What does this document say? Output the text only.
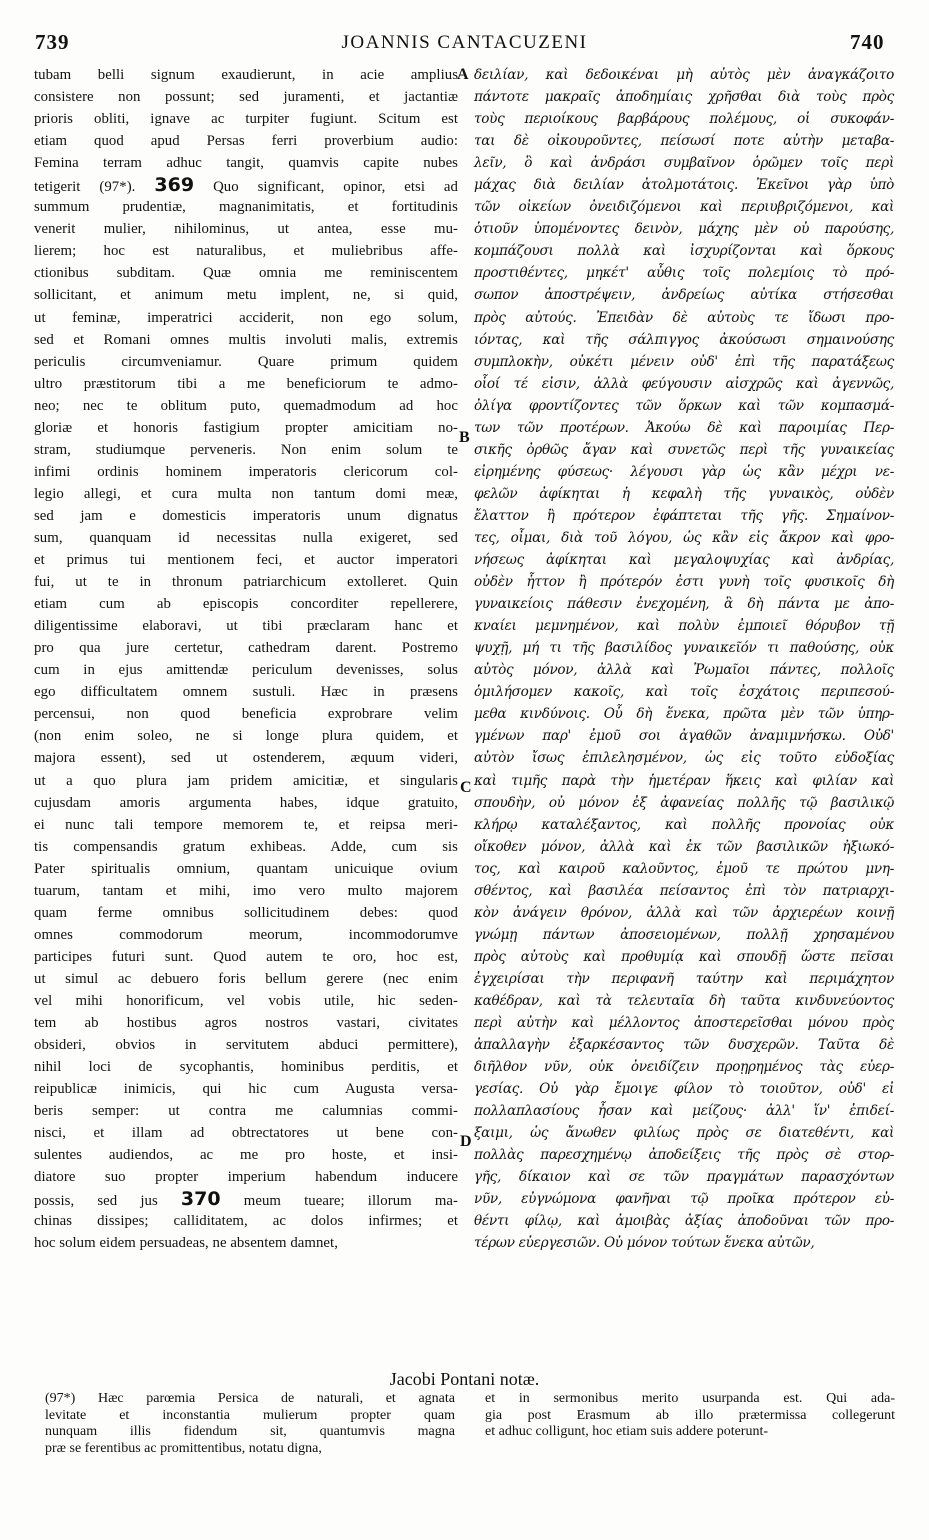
739	JOANNIS CANTACUZENI	740
tubam belli signum exaudierunt, in acie amplius
consistere non possunt; sed juramenti, et jactantiæ
prioris obliti, ignave ac turpiter fugiunt. Scitum est
etiam quod apud Persas ferri proverbium audio:
Femina terram adhuc tangit, quamvis capite nubes
tetigerit (97*). 369 Quo significant, opinor, etsi ad
summum prudentiæ, magnanimitatis, et fortitudinis
venerit mulier, nihilominus, ut antea, esse mu-
lierem; hoc est naturalibus, et muliebribus affe-
ctionibus subditam. Quæ omnia me reminiscentem
sollicitant, et animum metu implent, ne, si quid,
ut feminæ, imperatrici acciderit, non ego solum,
sed et Romani omnes multis involuti malis, extremis
periculis circumveniamur. Quare primum quidem
ultro præstitorum tibi a me beneficiorum te admo-
neo; nec te oblitum puto, quemadmodum ad hoc
gloriæ et honoris fastigium propter amicitiam no-
stram, studiumque perveneris. Non enim solum te
infimi ordinis hominem imperatoris clericorum col-
legio allegi, et cura multa non tantum domi meæ,
sed jam e domesticis imperatoris unum dignatus
sum, quanquam id necessitas nulla exigeret, sed
et primus tui mentionem feci, et auctor imperatori
fui, ut te in thronum patriarchicum extolleret. Quin
etiam cum ab episcopis concorditer repellerere,
diligentissime elaboravi, ut tibi præclaram hanc et
pro qua jure certetur, cathedram darent. Postremo
cum in ejus amittendæ periculum devenisses, solus
ego difficultatem omnem sustuli. Hæc in præsens
percensui, non quod beneficia exprobrare velim
(non enim soleo, ne si longe plura quidem, et
majora essent), sed ut ostenderem, æquum videri,
ut a quo plura jam pridem amicitiæ, et singularis
cujusdam amoris argumenta habes, idque gratuito,
ei nunc tali tempore memorem te, et reipsa meri-
tis compensandis gratum exhibeas. Adde, cum sis
Pater spiritualis omnium, quantam unicuique ovium
tuarum, tantam et mihi, imo vero multo majorem
quam ferme omnibus sollicitudinem debes: quod
omnes commodorum meorum, incommodorumve
participes futuri sunt. Quod autem te oro, hoc est,
ut simul ac debuero foris bellum gerere (nec enim
vel mihi honorificum, vel vobis utile, hic seden-
tem ab hostibus agros nostros vastari, civitates
obsideri, obvios in servitutem abduci permittere),
nihil loci de sycophantis, hominibus perditis, et
reipublicæ inimicis, qui hic cum Augusta versa-
beris semper: ut contra me calumnias commi-
nisci, et illam ad obtrectatores ut bene con-
sulentes audiendos, ac me pro hoste, et insi-
diatore suo propter imperium habendum inducere
possis, sed jus 370 meum tueare; illorum ma-
chinas dissipes; calliditatem, ac dolos infirmes; et
hoc solum eidem persuadeas, ne absentem damnet,
δειλίαν, καὶ δεδοικέναι μὴ αὐτὸς μὲν ἀναγκάζοιτο
πάντοτε μακραῖς ἀποδημίαις χρῆσθαι διὰ τοὺς πρὸς
τοὺς περιοίκους βαρβάρους πολέμους, οἱ συκοφάν-
ται δὲ οἰκουροῦντες, πείσωσί ποτε αὐτὴν μεταβα-
λεῖν, ὃ καὶ ἀνδράσι συμβαῖνον ὁρῶμεν τοῖς περὶ
μάχας διὰ δειλίαν ἀτολμοτάτοις. Ἐκεῖνοι γὰρ ὑπὸ
τῶν οἰκείων ὀνειδιζόμενοι καὶ περιυβριζόμενοι, καὶ
ὁτιοῦν ὑπομένοντες δεινὸν, μάχης μὲν οὐ παρούσης,
κομπάζουσι πολλὰ καὶ ἰσχυρίζονται καὶ ὅρκους
προστιθέντες, μηκέτ' αὖθις τοῖς πολεμίοις τὸ πρό-
σωπον ἀποστρέψειν, ἀνδρείως αὐτίκα στήσεσθαι
πρὸς αὐτούς. Ἐπειδὰν δὲ αὐτοὺς τε ἴδωσι προ-
ιόντας, καὶ τῆς σάλπιγγος ἀκούσωσι σημαινούσης
συμπλοκὴν, οὐκέτι μένειν οὐδ' ἐπὶ τῆς παρατάξεως
οἷοί τέ εἰσιν, ἀλλὰ φεύγουσιν αἰσχρῶς καὶ ἀγεννῶς,
ὀλίγα φροντίζοντες τῶν ὅρκων καὶ τῶν κομπασμά-
των τῶν προτέρων. Ἀκούω δὲ καὶ παροιμίας Περ-
σικῆς ὀρθῶς ἄγαν καὶ συνετῶς περὶ τῆς γυναικείας
εἰρημένης φύσεως· λέγουσι γὰρ ὡς κἂν μέχρι νε-
φελῶν ἀφίκηται ἡ κεφαλὴ τῆς γυναικὸς, οὐδὲν
ἔλαττον ἢ πρότερον ἐφάπτεται τῆς γῆς. Σημαίνον-
τες, οἶμαι, διὰ τοῦ λόγου, ὡς κἂν εἰς ἄκρον καὶ φρο-
νήσεως ἀφίκηται καὶ μεγαλοψυχίας καὶ ἀνδρίας,
οὐδὲν ἧττον ἢ πρότερόν ἐστι γυνὴ τοῖς φυσικοῖς δὴ
γυναικείοις πάθεσιν ἐνεχομένη, ἃ δὴ πάντα με ἀπο-
κναίει μεμνημένον, καὶ πολὺν ἐμποιεῖ θόρυβον τῇ
ψυχῇ, μή τι τῆς βασιλίδος γυναικεῖόν τι παθούσης, οὐκ
αὐτὸς μόνον, ἀλλὰ καὶ Ῥωμαῖοι πάντες, πολλοῖς
ὁμιλήσομεν κακοῖς, καὶ τοῖς ἐσχάτοις περιπεσού-
μεθα κινδύνοις. Οὗ δὴ ἕνεκα, πρῶτα μὲν τῶν ὑπηρ-
γμένων παρ' ἐμοῦ σοι ἀγαθῶν ἀναμιμνήσκω. Οὐδ'
αὐτὸν ἴσως ἐπιλελησμένον, ὡς εἰς τοῦτο εὐδοξίας
καὶ τιμῆς παρὰ τὴν ἡμετέραν ἥκεις καὶ φιλίαν καὶ
σπουδὴν, οὐ μόνον ἐξ ἀφανείας πολλῆς τῷ βασιλικῷ
κλήρῳ καταλέξαντος, καὶ πολλῆς προνοίας οὐκ
οἴκοθεν μόνον, ἀλλὰ καὶ ἐκ τῶν βασιλικῶν ἠξιωκό-
τος, καὶ καιροῦ καλοῦντος, ἐμοῦ τε πρώτου μνη-
σθέντος, καὶ βασιλέα πείσαντος ἐπὶ τὸν πατριαρχι-
κὸν ἀνάγειν θρόνον, ἀλλὰ καὶ τῶν ἀρχιερέων κοινῇ
γνώμῃ πάντων ἀποσειομένων, πολλῇ χρησαμένου
πρὸς αὐτοὺς καὶ προθυμίᾳ καὶ σπουδῇ ὥστε πεῖσαι
ἐγχειρίσαι τὴν περιφανῆ ταύτην καὶ περιμάχητον
καθέδραν, καὶ τὰ τελευταῖα δὴ ταῦτα κινδυνεύοντος
περὶ αὐτὴν καὶ μέλλοντος ἀποστερεῖσθαι μόνου πρὸς
ἀπαλλαγὴν ἐξαρκέσαντος τῶν δυσχερῶν. Ταῦτα δὲ
διῆλθον νῦν, οὐκ ὀνειδίζειν προῃρημένος τὰς εὐερ-
γεσίας. Οὐ γὰρ ἔμοιγε φίλον τὸ τοιοῦτον, οὐδ' εἰ
πολλαπλασίους ἦσαν καὶ μείζους· ἀλλ' ἵν' ἐπιδεί-
ξαιμι, ὡς ἄνωθεν φιλίως πρὸς σε διατεθέντι, καὶ
πολλὰς παρεσχημένῳ ἀποδείξεις τῆς πρὸς σὲ στορ-
γῆς, δίκαιον καὶ σε τῶν πραγμάτων παρασχόντων
νῦν, εὐγνώμονα φανῆναι τῷ προῖκα πρότερον εὐ-
θέντι φίλῳ, καὶ ἀμοιβὰς ἀξίας ἀποδοῦναι τῶν προ-
τέρων εὐεργεσιῶν. Οὐ μόνον τούτων ἕνεκα αὐτῶν,
A
B
C
D
Jacobi Pontani notæ.
(97*) Hæc parœmia Persica de naturali, et agnata
levitate et inconstantia mulierum propter quam
nunquam illis fidendum sit, quantumvis magna
præ se ferentibus ac promittentibus, notatu digna,
et in sermonibus merito usurpanda est. Qui ada-
gia post Erasmum ab illo prætermissa collegerunt
et adhuc colligunt, hoc etiam suis addere poterunt-
